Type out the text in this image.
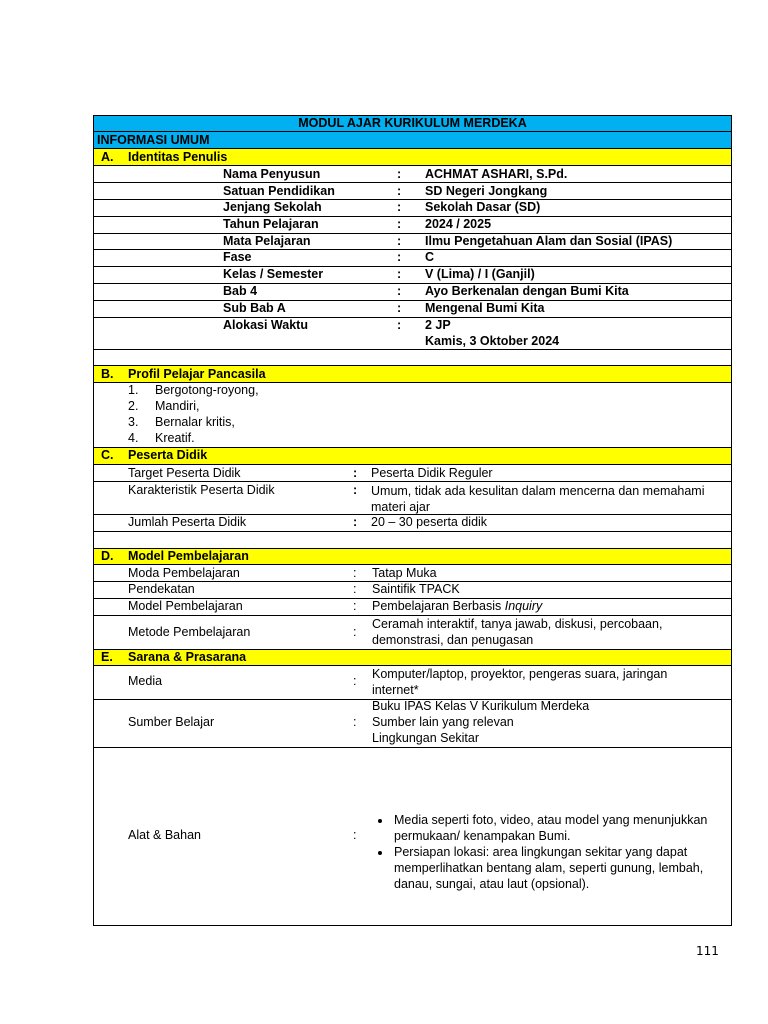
MODUL AJAR KURIKULUM MERDEKA
INFORMASI UMUM
A. Identitas Penulis
Nama Penyusun	: ACHMAT ASHARI, S.Pd.
Satuan Pendidikan	: SD Negeri Jongkang
Jenjang Sekolah	: Sekolah Dasar (SD)
Tahun Pelajaran	: 2024 / 2025
Mata Pelajaran	: Ilmu Pengetahuan Alam dan Sosial (IPAS)
Fase	: C
Kelas / Semester	: V (Lima) / I (Ganjil)
Bab 4	: Ayo Berkenalan dengan Bumi Kita
Sub Bab A	: Mengenal Bumi Kita
Alokasi Waktu	: 2 JP
Kamis, 3 Oktober 2024
B. Profil Pelajar Pancasila
1. Bergotong-royong,
2. Mandiri,
3. Bernalar kritis,
4. Kreatif.
C. Peserta Didik
Target Peserta Didik	: Peserta Didik Reguler
Karakteristik Peserta Didik	: Umum, tidak ada kesulitan dalam mencerna dan memahami materi ajar
Jumlah Peserta Didik	: 20 – 30 peserta didik
D. Model Pembelajaran
Moda Pembelajaran	: Tatap Muka
Pendekatan	: Saintifik TPACK
Model Pembelajaran	: Pembelajaran Berbasis Inquiry
Metode Pembelajaran	:
Ceramah interaktif, tanya jawab, diskusi, percobaan, demonstrasi, dan penugasan
E. Sarana & Prasarana
Media	: Komputer/laptop, proyektor, pengeras suara, jaringan internet*
Sumber Belajar	:
Buku IPAS Kelas V Kurikulum Merdeka
Sumber lain yang relevan
Lingkungan Sekitar
Alat & Bahan	:
• Media seperti foto, video, atau model yang menunjukkan permukaan/ kenampakan Bumi.
• Persiapan lokasi: area lingkungan sekitar yang dapat memperlihatkan bentang alam, seperti gunung, lembah, danau, sungai, atau laut (opsional).
111
